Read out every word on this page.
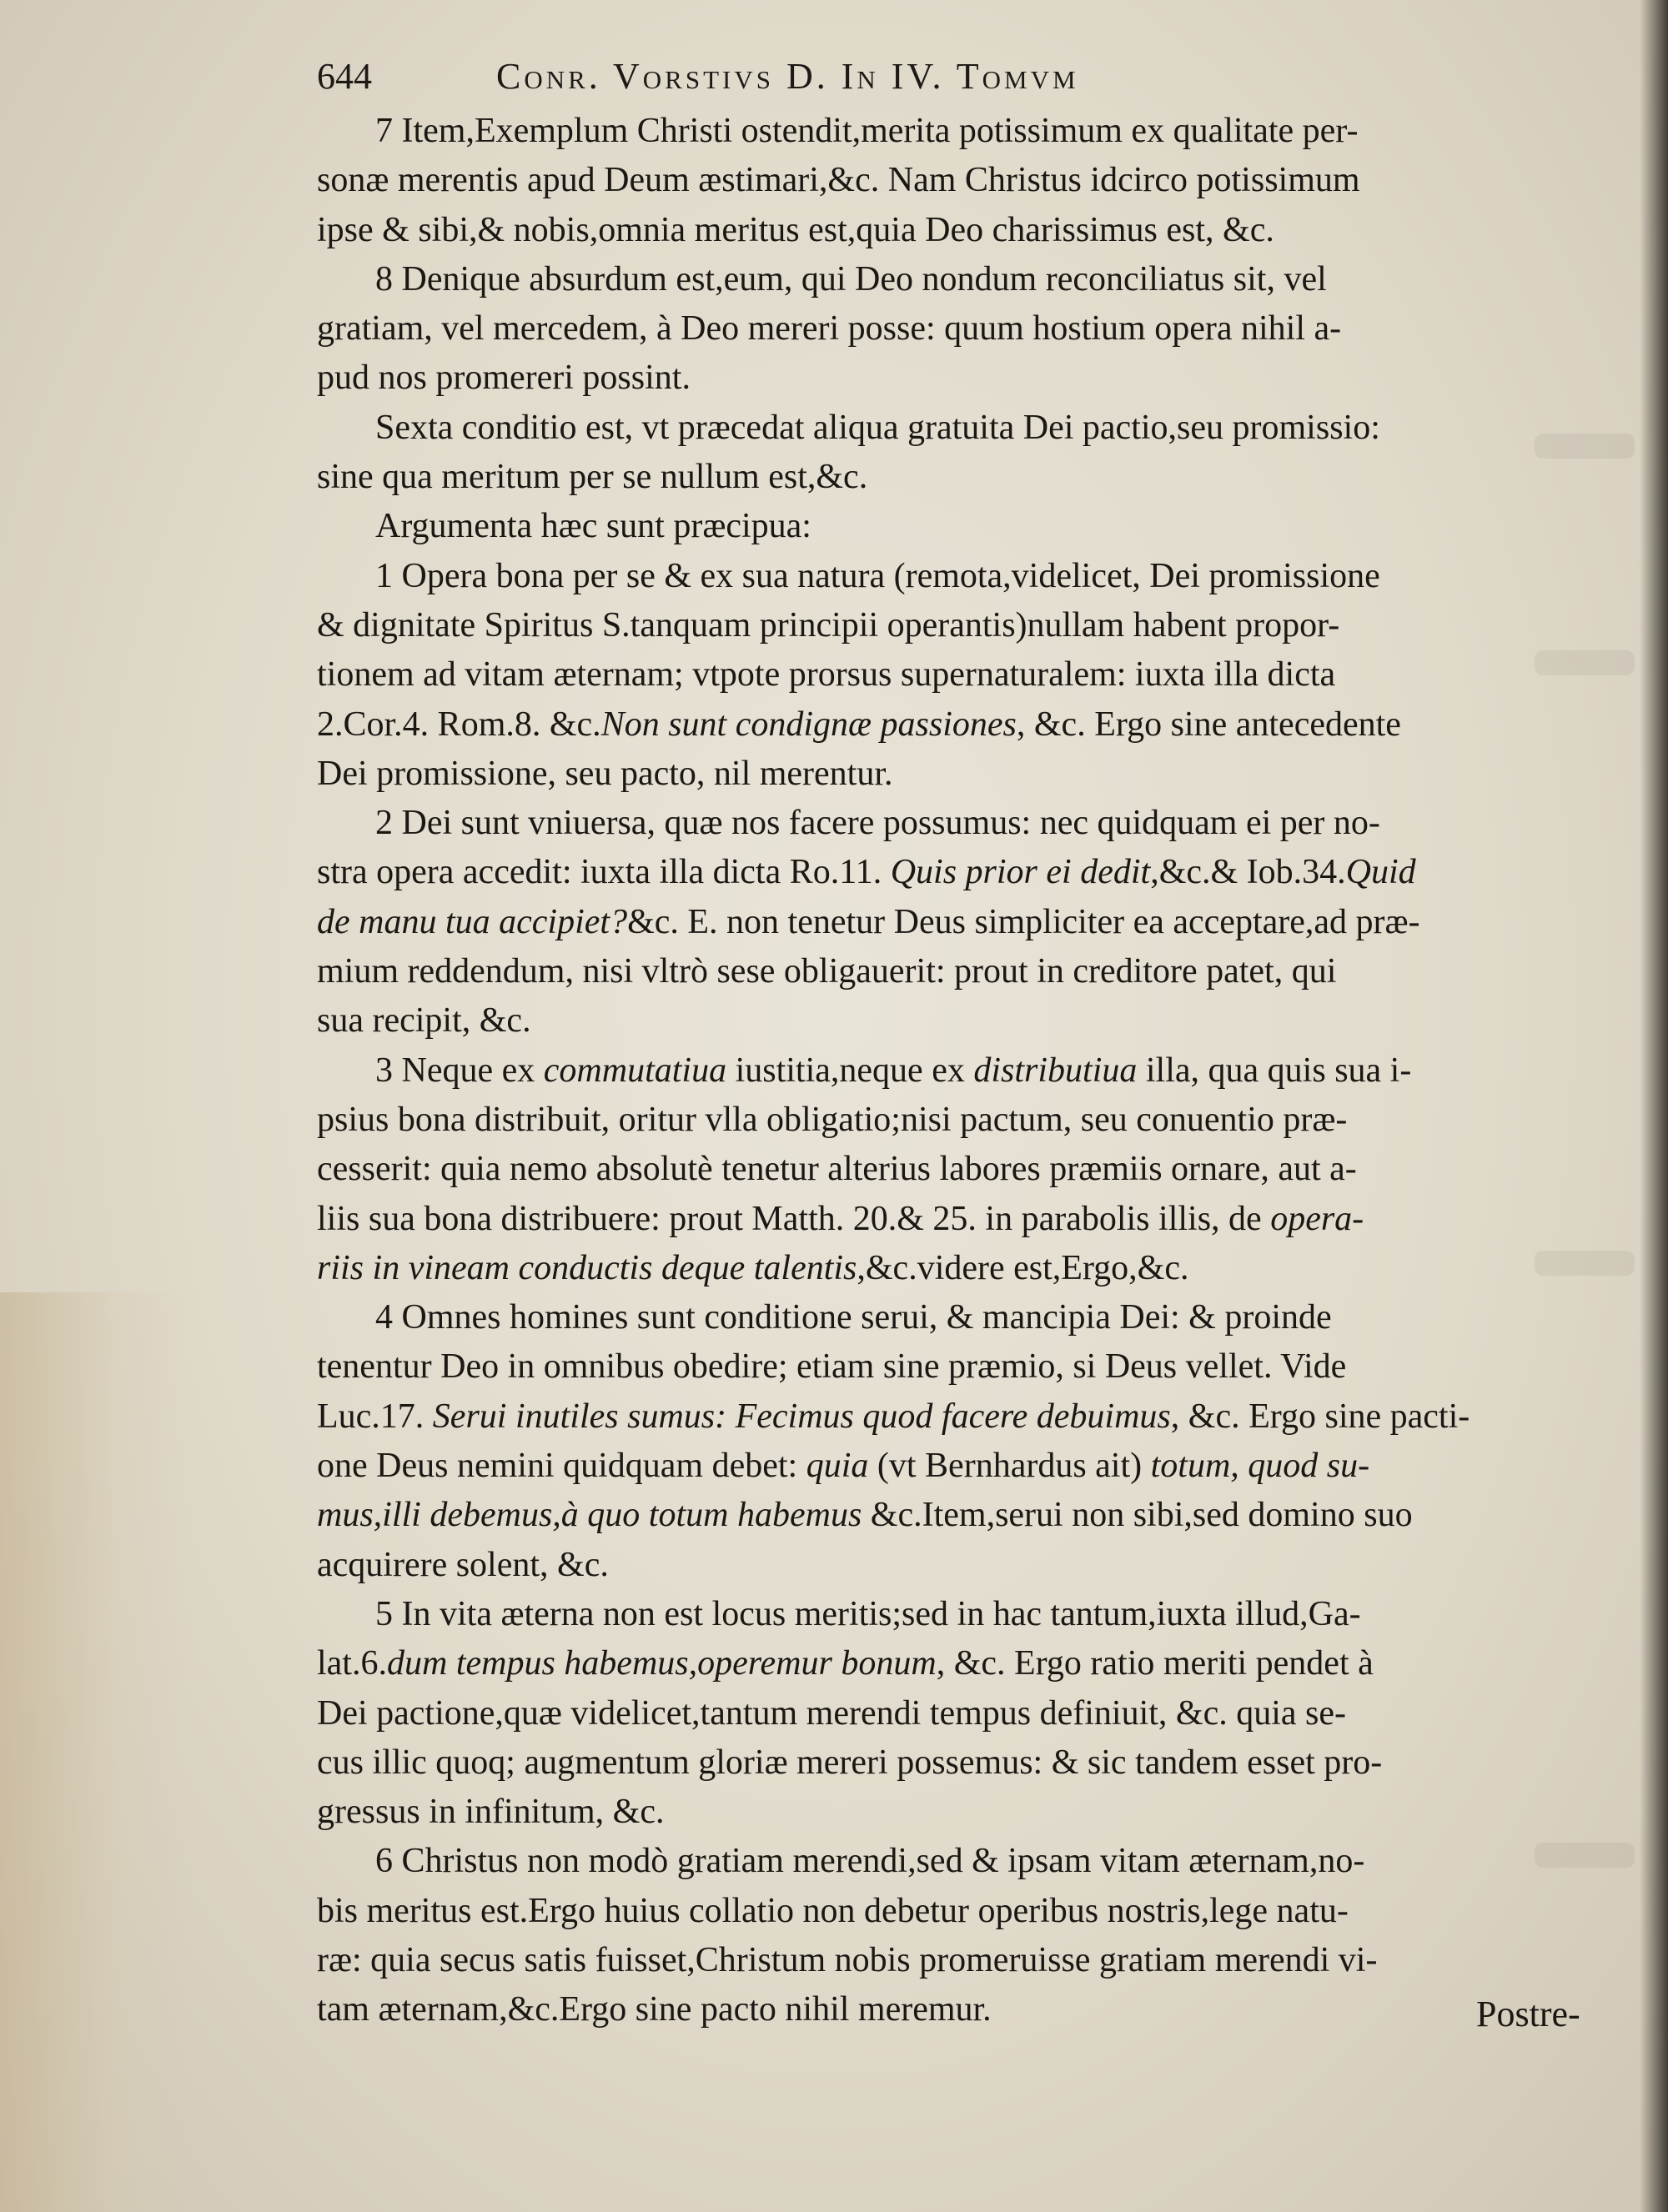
644	Conr. Vorstivs D. In IV. Tomvm
7 Item,Exemplum Christi ostendit,merita potissimum ex qualitate per-
sonæ merentis apud Deum æstimari,&c. Nam Christus idcirco potissimum
ipse & sibi,& nobis,omnia meritus est,quia Deo charissimus est, &c.
8 Denique absurdum est,eum, qui Deo nondum reconciliatus sit, vel
gratiam, vel mercedem, à Deo mereri posse: quum hostium opera nihil a-
pud nos promereri possint.
Sexta conditio est, vt præcedat aliqua gratuita Dei pactio,seu promissio:
sine qua meritum per se nullum est,&c.
Argumenta hæc sunt præcipua:
1 Opera bona per se & ex sua natura (remota,videlicet, Dei promissione
& dignitate Spiritus S.tanquam principii operantis)nullam habent propor-
tionem ad vitam æternam; vtpote prorsus supernaturalem: iuxta illa dicta
2.Cor.4. Rom.8. &c.Non sunt condignæ passiones, &c. Ergo sine antecedente
Dei promissione, seu pacto, nil merentur.
2 Dei sunt vniuersa, quæ nos facere possumus: nec quidquam ei per no-
stra opera accedit: iuxta illa dicta Ro.11. Quis prior ei dedit,&c.& Iob.34.Quid
de manu tua accipiet?&c. E. non tenetur Deus simpliciter ea acceptare,ad præ-
mium reddendum, nisi vltrò sese obligauerit: prout in creditore patet, qui
sua recipit, &c.
3 Neque ex commutatiua iustitia,neque ex distributiua illa, qua quis sua i-
psius bona distribuit, oritur vlla obligatio;nisi pactum, seu conuentio præ-
cesserit: quia nemo absolutè tenetur alterius labores præmiis ornare, aut a-
liis sua bona distribuere: prout Matth. 20.& 25. in parabolis illis, de opera-
riis in vineam conductis deque talentis,&c.videre est,Ergo,&c.
4 Omnes homines sunt conditione serui, & mancipia Dei: & proinde
tenentur Deo in omnibus obedire; etiam sine præmio, si Deus vellet. Vide
Luc.17. Serui inutiles sumus: Fecimus quod facere debuimus, &c. Ergo sine pacti-
one Deus nemini quidquam debet: quia (vt Bernhardus ait) totum, quod su-
mus,illi debemus,à quo totum habemus &c.Item,serui non sibi,sed domino suo
acquirere solent, &c.
5 In vita æterna non est locus meritis;sed in hac tantum,iuxta illud,Ga-
lat.6.dum tempus habemus,operemur bonum, &c. Ergo ratio meriti pendet à
Dei pactione,quæ videlicet,tantum merendi tempus definiuit, &c. quia se-
cus illic quoq; augmentum gloriæ mereri possemus: & sic tandem esset pro-
gressus in infinitum, &c.
6 Christus non modò gratiam merendi,sed & ipsam vitam æternam,no-
bis meritus est.Ergo huius collatio non debetur operibus nostris,lege natu-
ræ: quia secus satis fuisset,Christum nobis promeruisse gratiam merendi vi-
tam æternam,&c.Ergo sine pacto nihil meremur.	Postre-
